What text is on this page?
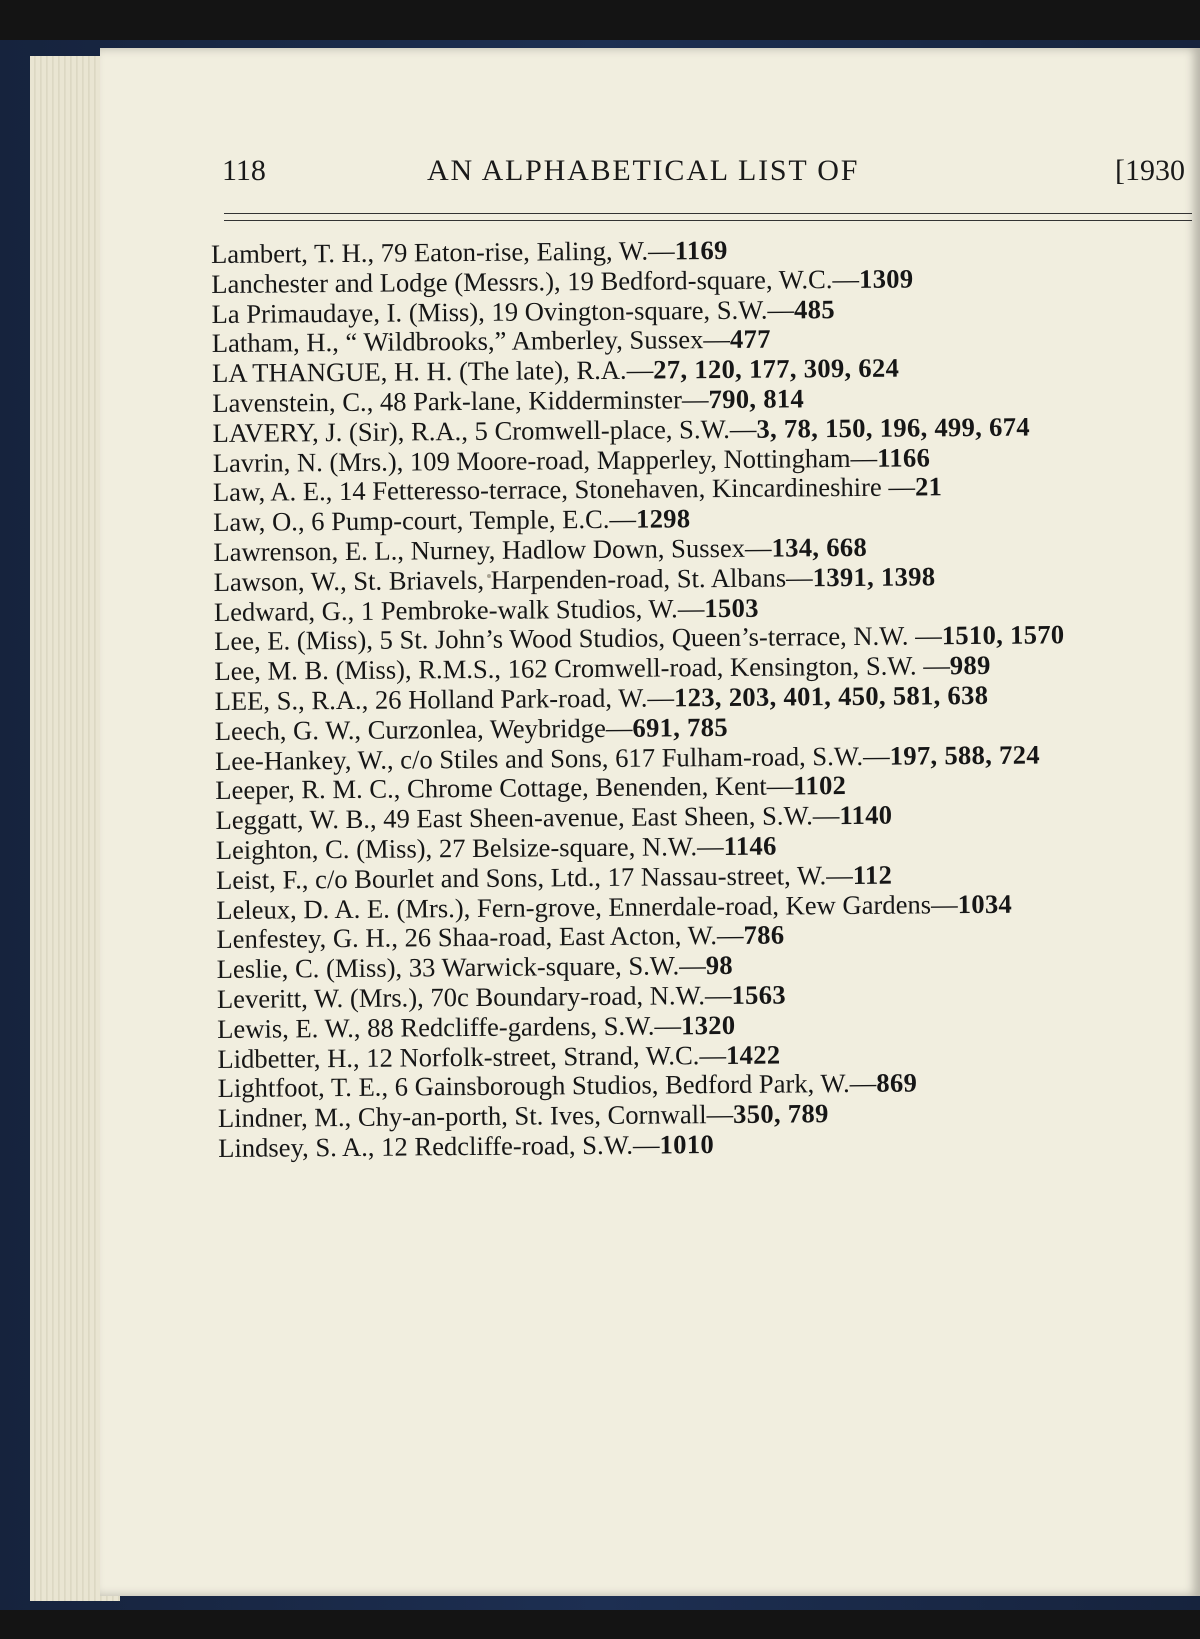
118	AN ALPHABETICAL LIST OF	[1930
Lambert, T. H., 79 Eaton-rise, Ealing, W.—1169
Lanchester and Lodge (Messrs.), 19 Bedford-square, W.C.—1309
La Primaudaye, I. (Miss), 19 Ovington-square, S.W.—485
Latham, H., “ Wildbrooks,” Amberley, Sussex—477
LA THANGUE, H. H. (The late), R.A.—27, 120, 177, 309, 624
Lavenstein, C., 48 Park-lane, Kidderminster—790, 814
LAVERY, J. (Sir), R.A., 5 Cromwell-place, S.W.—3, 78, 150, 196, 499, 674
Lavrin, N. (Mrs.), 109 Moore-road, Mapperley, Nottingham—1166
Law, A. E., 14 Fetteresso-terrace, Stonehaven, Kincardineshire —21
Law, O., 6 Pump-court, Temple, E.C.—1298
Lawrenson, E. L., Nurney, Hadlow Down, Sussex—134, 668
Lawson, W., St. Briavels, Harpenden-road, St. Albans—1391, 1398
Ledward, G., 1 Pembroke-walk Studios, W.—1503
Lee, E. (Miss), 5 St. John’s Wood Studios, Queen’s-terrace, N.W. —1510, 1570
Lee, M. B. (Miss), R.M.S., 162 Cromwell-road, Kensington, S.W. —989
LEE, S., R.A., 26 Holland Park-road, W.—123, 203, 401, 450, 581, 638
Leech, G. W., Curzonlea, Weybridge—691, 785
Lee-Hankey, W., c/o Stiles and Sons, 617 Fulham-road, S.W.—197, 588, 724
Leeper, R. M. C., Chrome Cottage, Benenden, Kent—1102
Leggatt, W. B., 49 East Sheen-avenue, East Sheen, S.W.—1140
Leighton, C. (Miss), 27 Belsize-square, N.W.—1146
Leist, F., c/o Bourlet and Sons, Ltd., 17 Nassau-street, W.—112
Leleux, D. A. E. (Mrs.), Fern-grove, Ennerdale-road, Kew Gardens—1034
Lenfestey, G. H., 26 Shaa-road, East Acton, W.—786
Leslie, C. (Miss), 33 Warwick-square, S.W.—98
Leveritt, W. (Mrs.), 70c Boundary-road, N.W.—1563
Lewis, E. W., 88 Redcliffe-gardens, S.W.—1320
Lidbetter, H., 12 Norfolk-street, Strand, W.C.—1422
Lightfoot, T. E., 6 Gainsborough Studios, Bedford Park, W.—869
Lindner, M., Chy-an-porth, St. Ives, Cornwall—350, 789
Lindsey, S. A., 12 Redcliffe-road, S.W.—1010
